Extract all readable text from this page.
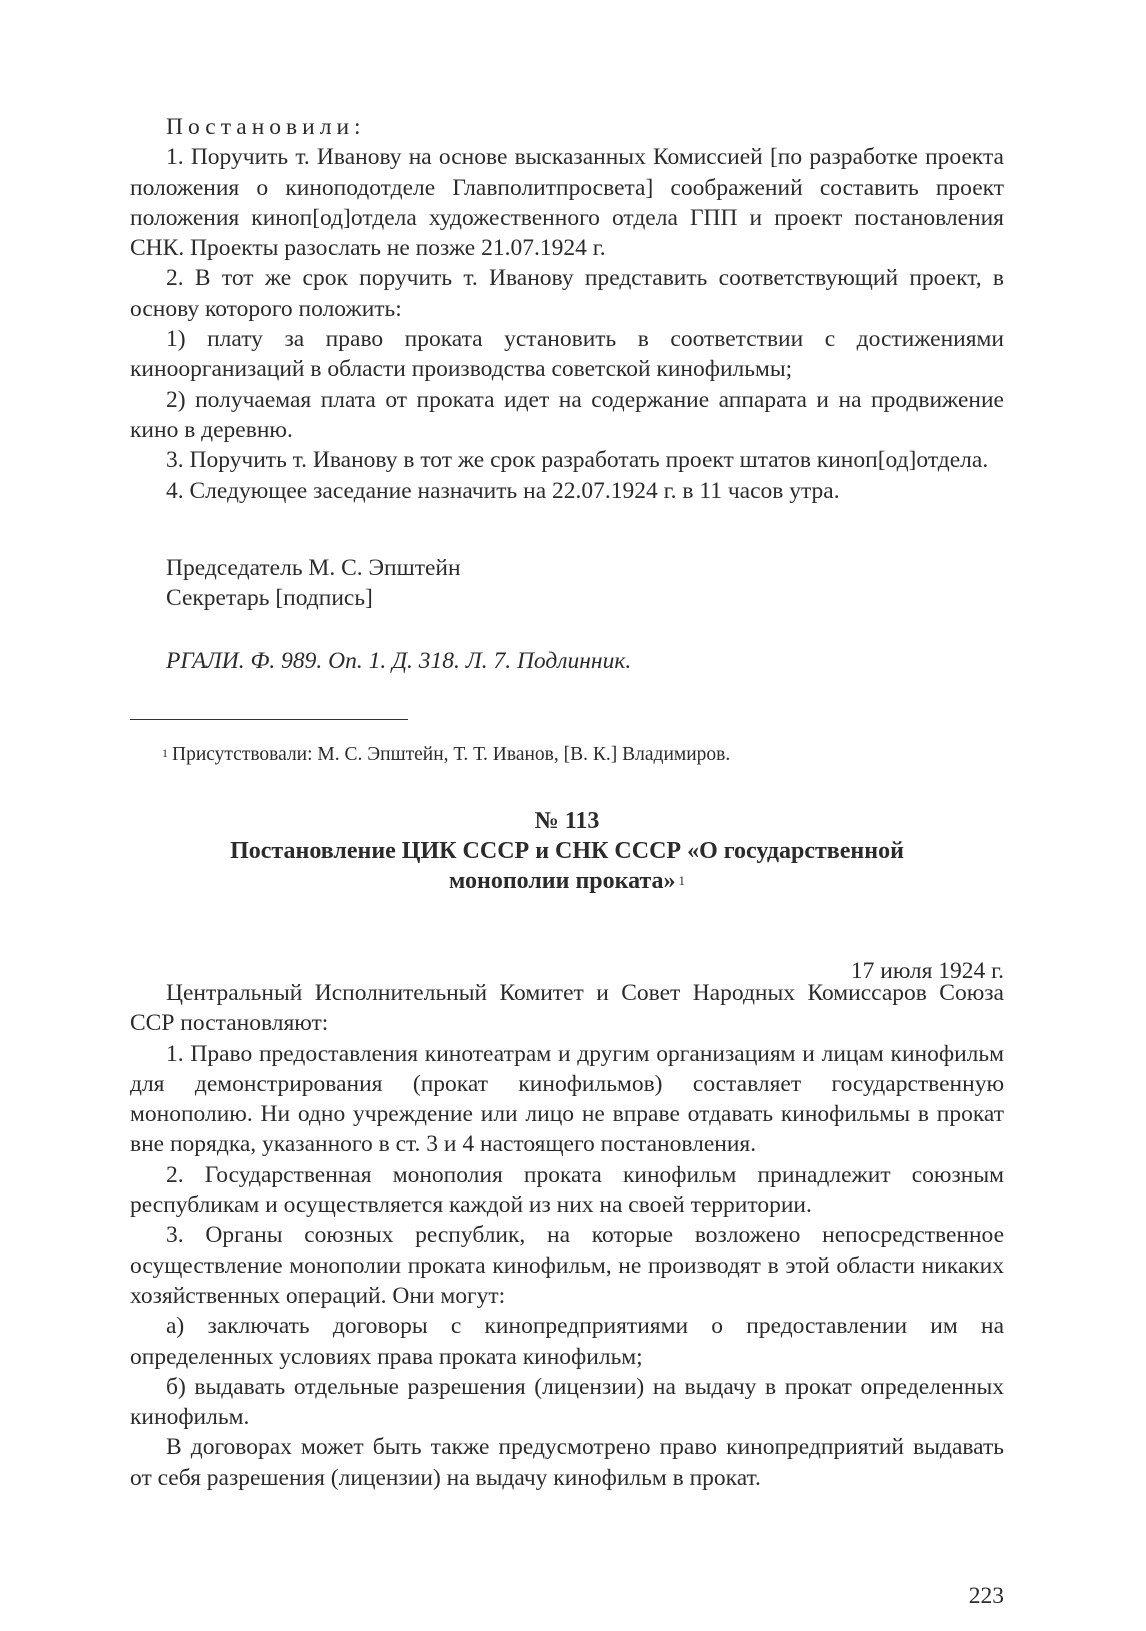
Постановили:

1. Поручить т. Иванову на основе высказанных Комиссией [по разработке проекта положения о киноподотделе Главполитпросвета] соображений составить проект положения киноп[од]отдела художественного отдела ГПП и проект постановления СНК. Проекты разослать не позже 21.07.1924 г.

2. В тот же срок поручить т. Иванову представить соответствующий проект, в основу которого положить:

1) плату за право проката установить в соответствии с достижениями киноорганизаций в области производства советской кинофильмы;

2) получаемая плата от проката идет на содержание аппарата и на продвижение кино в деревню.

3. Поручить т. Иванову в тот же срок разработать проект штатов киноп[од]отдела.

4. Следующее заседание назначить на 22.07.1924 г. в 11 часов утра.

Председатель М. С. Эпштейн
Секретарь [подпись]
РГАЛИ. Ф. 989. Оп. 1. Д. 318. Л. 7. Подлинник.
$^1$ Присутствовали: М. С. Эпштейн, Т. Т. Иванов, [В. К.] Владимиров.
№ 113
Постановление ЦИК СССР и СНК СССР «О государственной
монополии проката» $^1$
17 июля 1924 г.

Центральный Исполнительный Комитет и Совет Народных Комиссаров Союза ССР постановляют:

1. Право предоставления кинотеатрам и другим организациям и лицам кинофильм для демонстрирования (прокат кинофильмов) составляет государственную монополию. Ни одно учреждение или лицо не вправе отдавать кинофильмы в прокат вне порядка, указанного в ст. 3 и 4 настоящего постановления.

2. Государственная монополия проката кинофильм принадлежит союзным республикам и осуществляется каждой из них на своей территории.

3. Органы союзных республик, на которые возложено непосредственное осуществление монополии проката кинофильм, не производят в этой области никаких хозяйственных операций. Они могут:

а) заключать договоры с кинопредприятиями о предоставлении им на определенных условиях права проката кинофильм;

б) выдавать отдельные разрешения (лицензии) на выдачу в прокат определенных кинофильм.

В договорах может быть также предусмотрено право кинопредприятий выдавать от себя разрешения (лицензии) на выдачу кинофильм в прокат.

223
